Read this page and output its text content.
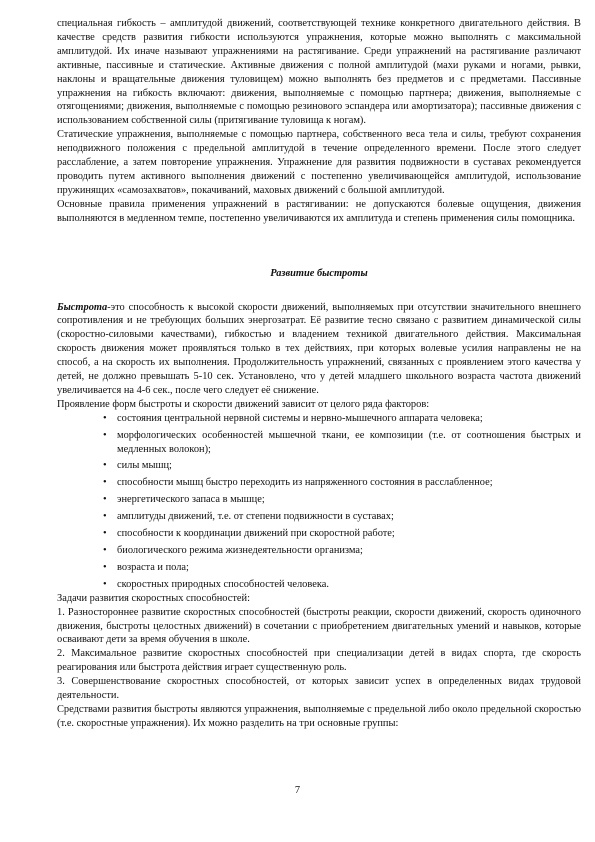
специальная гибкость – амплитудой движений, соответствующей технике конкретного двигательного действия. В качестве средств развития гибкости используются упражнения, которые можно выполнять с максимальной амплитудой. Их иначе называют упражнениями на растягивание. Среди упражнений на растягивание различают активные, пассивные и статические. Активные движения с полной амплитудой (махи руками и ногами, рывки, наклоны и вращательные движения туловищем) можно выполнять без предметов и с предметами. Пассивные упражнения на гибкость включают: движения, выполняемые с помощью партнера; движения, выполняемые с отягощениями; движения, выполняемые с помощью резинового эспандера или амортизатора); пассивные движения с использованием собственной силы (притягивание туловища к ногам).

Статические упражнения, выполняемые с помощью партнера, собственного веса тела и силы, требуют сохранения неподвижного положения с предельной амплитудой в течение определенного времени. После этого следует расслабление, а затем повторение упражнения. Упражнение для развития подвижности в суставах рекомендуется проводить путем активного выполнения движений с постепенно увеличивающейся амплитудой, использование пружинящих «самозахватов», покачиваний, маховых движений с большой амплитудой.

Основные правила применения упражнений в растягивании: не допускаются болевые ощущения, движения выполняются в медленном темпе, постепенно увеличиваются их амплитуда и степень применения силы помощника.

Развитие быстроты

Быстрота-это способность к высокой скорости движений, выполняемых при отсутствии значительного внешнего сопротивления и не требующих больших энергозатрат. Её развитие тесно связано с развитием динамической силы (скоростно-силовыми качествами), гибкостью и владением техникой двигательного действия. Максимальная скорость движения может проявляться только в тех действиях, при которых волевые усилия направлены не на способ, а на скорость их выполнения. Продолжительность упражнений, связанных с проявлением этого качества у детей, не должно превышать 5-10 сек. Установлено, что у детей младшего школьного возраста частота движений увеличивается на 4-6 сек., после чего следует её снижение.

Проявление форм быстроты и скорости движений зависит от целого ряда факторов:

• состояния центральной нервной системы и нервно-мышечного аппарата человека;
• морфологических особенностей мышечной ткани, ее композиции (т.е. от соотношения быстрых и медленных волокон);
• силы мышц;
• способности мышц быстро переходить из напряженного состояния в расслабленное;
• энергетического запаса в мышце;
• амплитуды движений, т.е. от степени подвижности в суставах;
• способности к координации движений при скоростной работе;
• биологического режима жизнедеятельности организма;
• возраста и пола;
• скоростных природных способностей человека.

Задачи развития скоростных способностей:

1. Разностороннее развитие скоростных способностей (быстроты реакции, скорости движений, скорость одиночного движения, быстроты целостных движений) в сочетании с приобретением двигательных умений и навыков, которые осваивают дети за время обучения в школе.

2. Максимальное развитие скоростных способностей при специализации детей в видах спорта, где скорость реагирования или быстрота действия играет существенную роль.

3. Совершенствование скоростных способностей, от которых зависит успех в определенных видах трудовой деятельности.

Средствами развития быстроты являются упражнения, выполняемые с предельной либо около предельной скоростью (т.е. скоростные упражнения). Их можно разделить на три основные группы:

7
